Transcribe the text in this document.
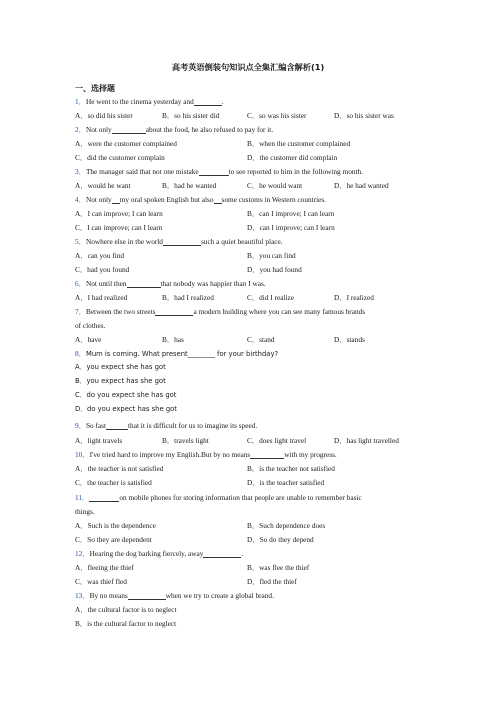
高考英语倒装句知识点全集汇编含解析(1)
一、选择题
1．He went to the cinema yesterday and	.
A．so did his sister	B．so his sister did	C．so was his sister	D．so his sister was
2．Not only	about the food, he also refused to pay for it.
A．were the customer complained	B．when the customer complained
C．did the customer complain	D．the customer did complain
3．The manager said that not one mistake	to see reported to him in the following month.
A．would he want	B．had he wanted	C．he would want	D．he had wanted
4．Not only my oral spoken English but also some customs in Western countries.
A．I can improve; I can learn	B．can I improve; I can learn
C．I can improve; can I learn	D．can I improve; can I learn
5．Nowhere else in the world	such a quiet beautiful place.
A．can you find	B．you can find
C．had you found	D．you had found
6．Not until then	that nobody was happier than I was.
A．I had realized	B．had I realized	C．did I realize	D．I realized
7．Between the two streets	a modern building where you can see many famous brands
of clothes.
A．have	B．has	C．stand	D．stands
8．Mum is coming. What present________ for your birthday?
A．you expect she has got
B．you expect has she got
C．do you expect she has got
D．do you expect has she got
9．So fast	that it is difficult for us to imagine its speed.
A．light travels	B．travels light	C．does light travel	D．has light travelled
10．I've tried hard to improve my English.But by no means	with my progress.
A．the teacher is not satisfied	B．is the teacher not satisfied
C．the teacher is satisfied	D．is the teacher satisfied
11．	on mobile phones for storing information that people are unable to remember basic
things.
A．Such is the dependence	B．Such dependence does
C．So they are dependent	D．So do they depend
12．Hearing the dog barking fiercely, away	.
A．fleeing the thief	B．was flee the thief
C．was thief fled	D．fled the thief
13．By no means	when we try to create a global brand.
A．the cultural factor is to neglect
B．is the cultural factor to neglect
